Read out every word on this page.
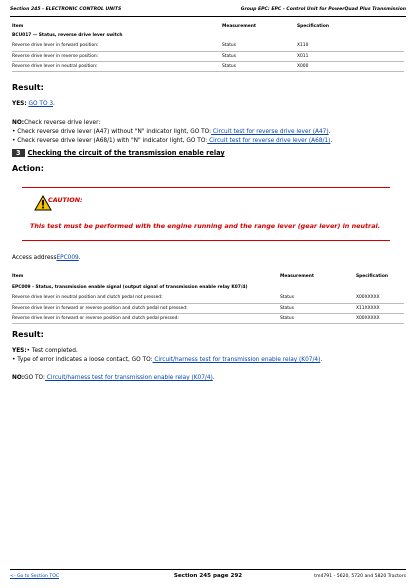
Section 245 - ELECTRONIC CONTROL UNITS	Group EPC: EPC - Control Unit for PowerQuad Plus Transmission
Item	Measurement	Specification
BCU017 — Status, reverse drive lever switch		
Reverse drive lever in forward position:	Status	X110
Reverse drive lever in reverse position:	Status	X011
Reverse drive lever in neutral position:	Status	X000
Result:
YES: GO TO 3.
NO:Check reverse drive lever:
• Check reverse drive lever (A47) without "N" indicator light, GO TO: Circuit test for reverse drive lever (A47).
• Check reverse drive lever (A68/1) with "N" indicator light, GO TO: Circuit test for reverse drive lever (A68/1).
3 Checking the circuit of the transmission enable relay
Action:
CAUTION:
This test must be performed with the engine running and the range lever (gear lever) in neutral.
Access addressEPC009.
Item	Measurement	Specification
EPC009 - Status, transmission enable signal (output signal of transmission enable relay K07/4)		
Reverse drive lever in neutral position and clutch pedal not pressed:	Status	X00XXXXX
Reverse drive lever in forward or reverse position and clutch pedal not pressed:	Status	X11XXXXX
Reverse drive lever in forward or reverse position and clutch pedal pressed:	Status	X00XXXXX
Result:
YES:• Test completed.
• Type of error indicates a loose contact, GO TO: Circuit/harness test for transmission enable relay (K07/4).
NO:GO TO: Circuit/harness test for transmission enable relay (K07/4).
<- Go to Section TOC	Section 245 page 292	tm4791 - 5620, 5720 and 5820 Tractors
